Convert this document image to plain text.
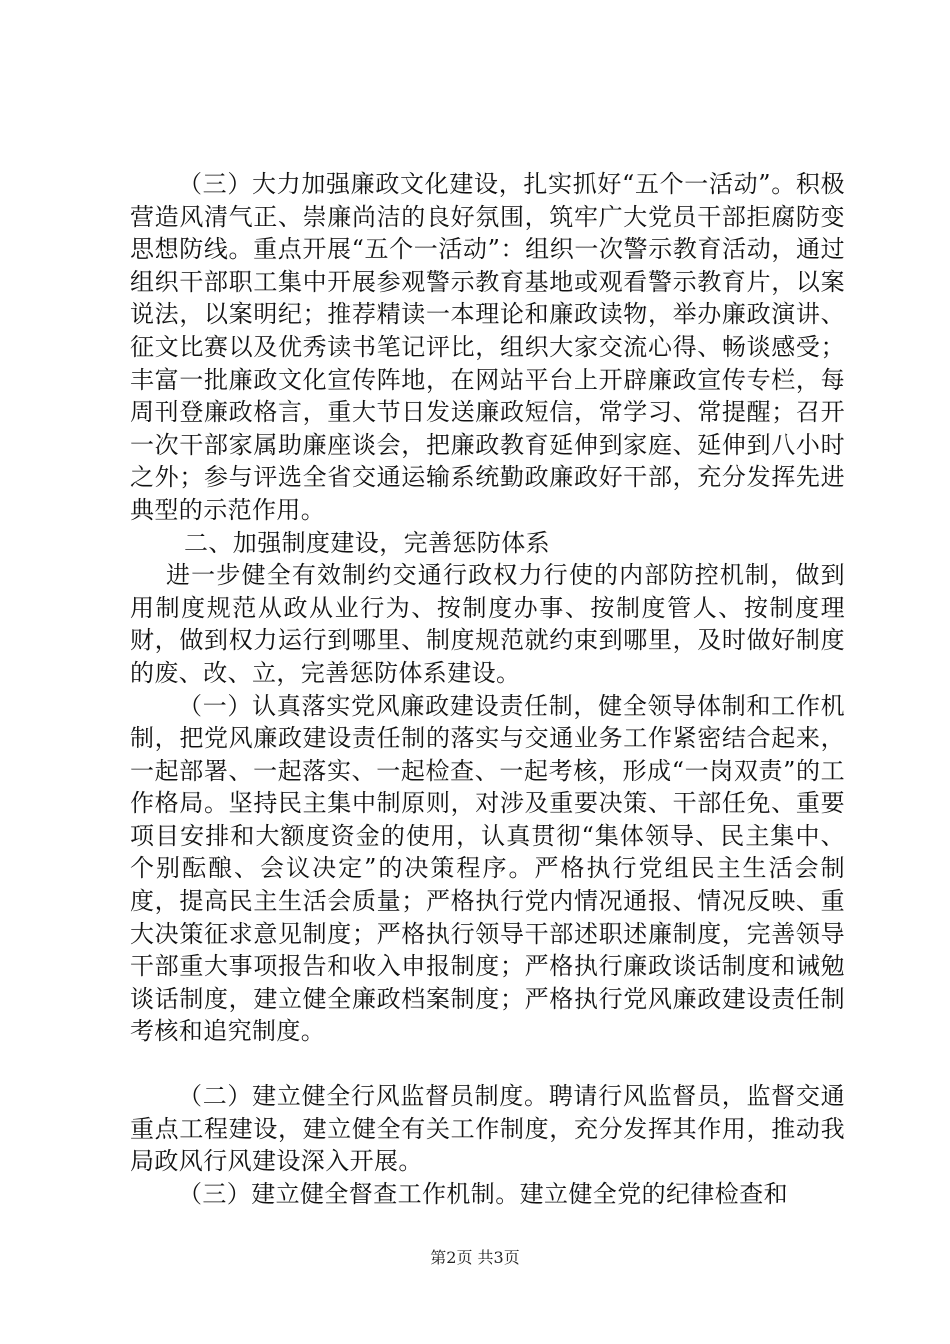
（三）大力加强廉政文化建设，扎实抓好“五个一活动”。积极营造风清气正、崇廉尚洁的良好氛围，筑牢广大党员干部拒腐防变思想防线。重点开展“五个一活动”：组织一次警示教育活动，通过组织干部职工集中开展参观警示教育基地或观看警示教育片，以案说法，以案明纪；推荐精读一本理论和廉政读物，举办廉政演讲、征文比赛以及优秀读书笔记评比，组织大家交流心得、畅谈感受；丰富一批廉政文化宣传阵地，在网站平台上开辟廉政宣传专栏，每周刊登廉政格言，重大节日发送廉政短信，常学习、常提醒；召开一次干部家属助廉座谈会，把廉政教育延伸到家庭、延伸到八小时之外；参与评选全省交通运输系统勤政廉政好干部，充分发挥先进典型的示范作用。

二、加强制度建设，完善惩防体系

进一步健全有效制约交通行政权力行使的内部防控机制，做到用制度规范从政从业行为、按制度办事、按制度管人、按制度理财，做到权力运行到哪里、制度规范就约束到哪里，及时做好制度的废、改、立，完善惩防体系建设。

（一）认真落实党风廉政建设责任制，健全领导体制和工作机制，把党风廉政建设责任制的落实与交通业务工作紧密结合起来，一起部署、一起落实、一起检查、一起考核，形成“一岗双责”的工作格局。坚持民主集中制原则，对涉及重要决策、干部任免、重要项目安排和大额度资金的使用，认真贯彻“集体领导、民主集中、个别酝酿、会议决定”的决策程序。严格执行党组民主生活会制度，提高民主生活会质量；严格执行党内情况通报、情况反映、重大决策征求意见制度；严格执行领导干部述职述廉制度，完善领导干部重大事项报告和收入申报制度；严格执行廉政谈话制度和诫勉谈话制度，建立健全廉政档案制度；严格执行党风廉政建设责任制考核和追究制度。

（二）建立健全行风监督员制度。聘请行风监督员，监督交通重点工程建设，建立健全有关工作制度，充分发挥其作用，推动我局政风行风建设深入开展。

（三）建立健全督查工作机制。建立健全党的纪律检查和

第2页 共3页
